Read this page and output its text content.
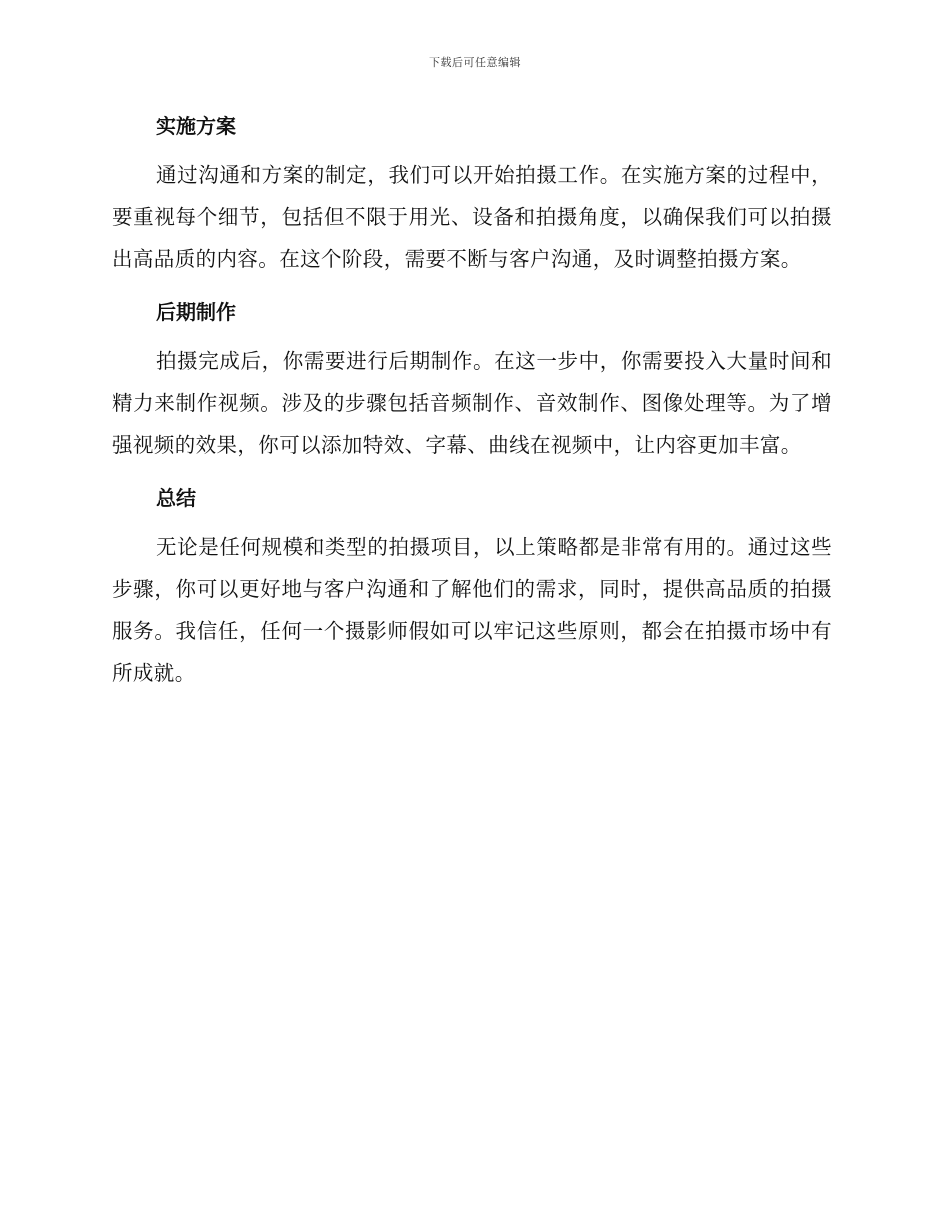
下载后可任意编辑
实施方案

通过沟通和方案的制定，我们可以开始拍摄工作。在实施方案的过程中，要重视每个细节，包括但不限于用光、设备和拍摄角度，以确保我们可以拍摄出高品质的内容。在这个阶段，需要不断与客户沟通，及时调整拍摄方案。

后期制作

拍摄完成后，你需要进行后期制作。在这一步中，你需要投入大量时间和精力来制作视频。涉及的步骤包括音频制作、音效制作、图像处理等。为了增强视频的效果，你可以添加特效、字幕、曲线在视频中，让内容更加丰富。

总结

无论是任何规模和类型的拍摄项目，以上策略都是非常有用的。通过这些步骤，你可以更好地与客户沟通和了解他们的需求，同时，提供高品质的拍摄服务。我信任，任何一个摄影师假如可以牢记这些原则，都会在拍摄市场中有所成就。
